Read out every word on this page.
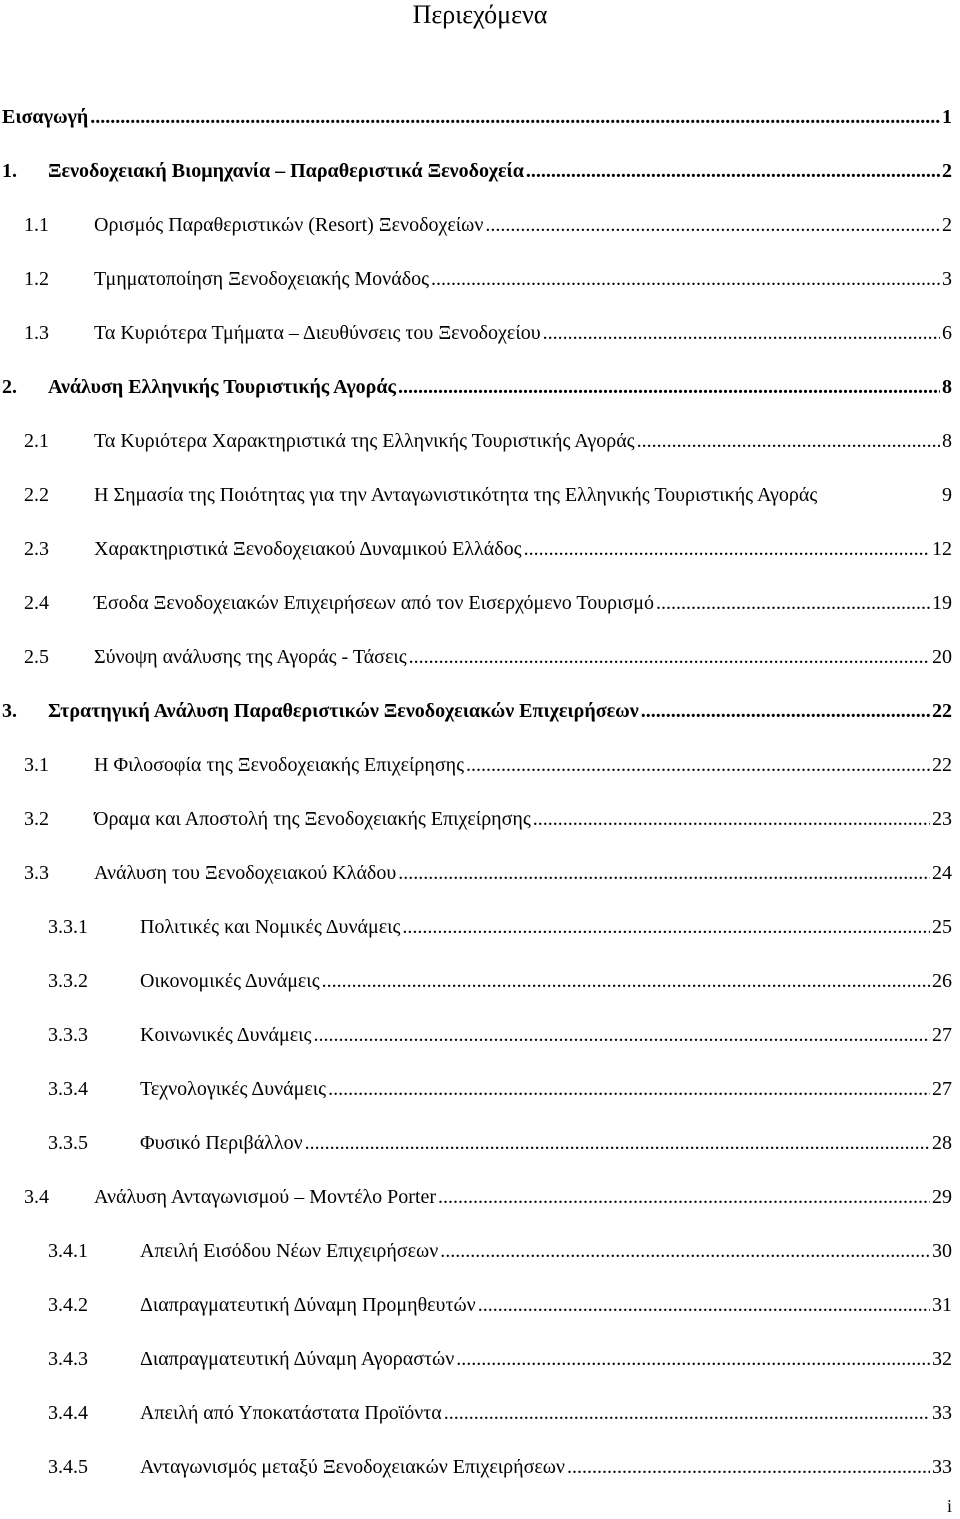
Περιεχόμενα
Εισαγωγή .....	1
1. Ξενοδοχειακή Βιομηχανία – Παραθεριστικά Ξενοδοχεία .....	2
1.1 Ορισμός Παραθεριστικών (Resort) Ξενοδοχείων .....	2
1.2 Τμηματοποίηση Ξενοδοχειακής Μονάδος .....	3
1.3 Τα Κυριότερα Τμήματα – Διευθύνσεις του Ξενοδοχείου .....	6
2. Ανάλυση Ελληνικής Τουριστικής Αγοράς .....	8
2.1 Τα Κυριότερα Χαρακτηριστικά της Ελληνικής Τουριστικής Αγοράς .....	8
2.2 Η Σημασία της Ποιότητας για την Ανταγωνιστικότητα της Ελληνικής Τουριστικής Αγοράς	9
2.3 Χαρακτηριστικά Ξενοδοχειακού Δυναμικού Ελλάδος .....	12
2.4 Έσοδα Ξενοδοχειακών Επιχειρήσεων από τον Εισερχόμενο Τουρισμό .....	19
2.5 Σύνοψη ανάλυσης της Αγοράς - Τάσεις .....	20
3. Στρατηγική Ανάλυση Παραθεριστικών Ξενοδοχειακών Επιχειρήσεων .....	22
3.1 Η Φιλοσοφία της Ξενοδοχειακής Επιχείρησης .....	22
3.2 Όραμα και Αποστολή της Ξενοδοχειακής Επιχείρησης .....	23
3.3 Ανάλυση του Ξενοδοχειακού Κλάδου .....	24
3.3.1	Πολιτικές και Νομικές Δυνάμεις .....	25
3.3.2	Οικονομικές Δυνάμεις .....	26
3.3.3	Κοινωνικές Δυνάμεις .....	27
3.3.4	Τεχνολογικές Δυνάμεις .....	27
3.3.5	Φυσικό Περιβάλλον .....	28
3.4 Ανάλυση Ανταγωνισμού – Μοντέλο Porter .....	29
3.4.1	Απειλή Εισόδου Νέων Επιχειρήσεων .....	30
3.4.2	Διαπραγματευτική Δύναμη Προμηθευτών .....	31
3.4.3	Διαπραγματευτική Δύναμη Αγοραστών .....	32
3.4.4	Απειλή από Υποκατάστατα Προϊόντα .....	33
3.4.5	Ανταγωνισμός μεταξύ Ξενοδοχειακών Επιχειρήσεων .....	33
i
